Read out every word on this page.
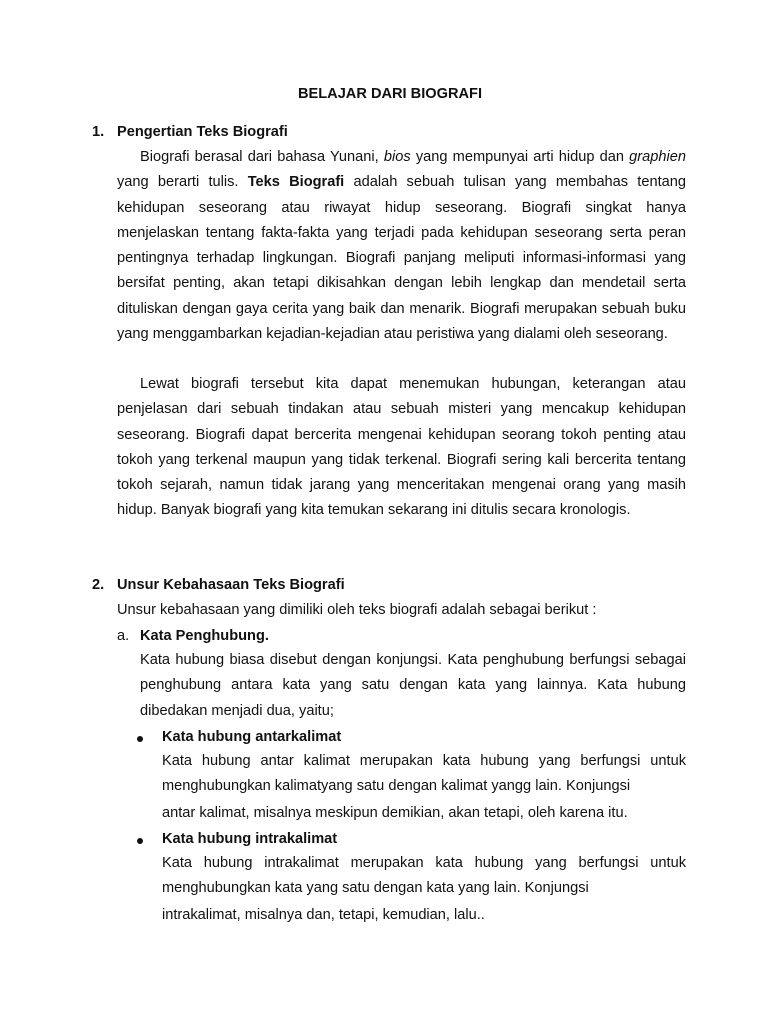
BELAJAR DARI BIOGRAFI
1. Pengertian Teks Biografi

Biografi berasal dari bahasa Yunani, bios yang mempunyai arti hidup dan graphien yang berarti tulis. Teks Biografi adalah sebuah tulisan yang membahas tentang kehidupan seseorang atau riwayat hidup seseorang. Biografi singkat hanya menjelaskan tentang fakta-fakta yang terjadi pada kehidupan seseorang serta peran pentingnya terhadap lingkungan. Biografi panjang meliputi informasi-informasi yang bersifat penting, akan tetapi dikisahkan dengan lebih lengkap dan mendetail serta dituliskan dengan gaya cerita yang baik dan menarik. Biografi merupakan sebuah buku yang menggambarkan kejadian-kejadian atau peristiwa yang dialami oleh seseorang.

Lewat biografi tersebut kita dapat menemukan hubungan, keterangan atau penjelasan dari sebuah tindakan atau sebuah misteri yang mencakup kehidupan seseorang. Biografi dapat bercerita mengenai kehidupan seorang tokoh penting atau tokoh yang terkenal maupun yang tidak terkenal. Biografi sering kali bercerita tentang tokoh sejarah, namun tidak jarang yang menceritakan mengenai orang yang masih hidup. Banyak biografi yang kita temukan sekarang ini ditulis secara kronologis.

2. Unsur Kebahasaan Teks Biografi
Unsur kebahasaan yang dimiliki oleh teks biografi adalah sebagai berikut :
a. Kata Penghubung.

Kata hubung biasa disebut dengan konjungsi. Kata penghubung berfungsi sebagai penghubung antara kata yang satu dengan kata yang lainnya. Kata hubung dibedakan menjadi dua, yaitu;

Kata hubung antarkalimat

Kata hubung antar kalimat merupakan kata hubung yang berfungsi untuk menghubungkan kalimatyang satu dengan kalimat yangg lain. Konjungsi

antar kalimat, misalnya meskipun demikian, akan tetapi, oleh karena itu.
Kata hubung intrakalimat

Kata hubung intrakalimat merupakan kata hubung yang berfungsi untuk menghubungkan kata yang satu dengan kata yang lain. Konjungsi

intrakalimat, misalnya dan, tetapi, kemudian, lalu..
